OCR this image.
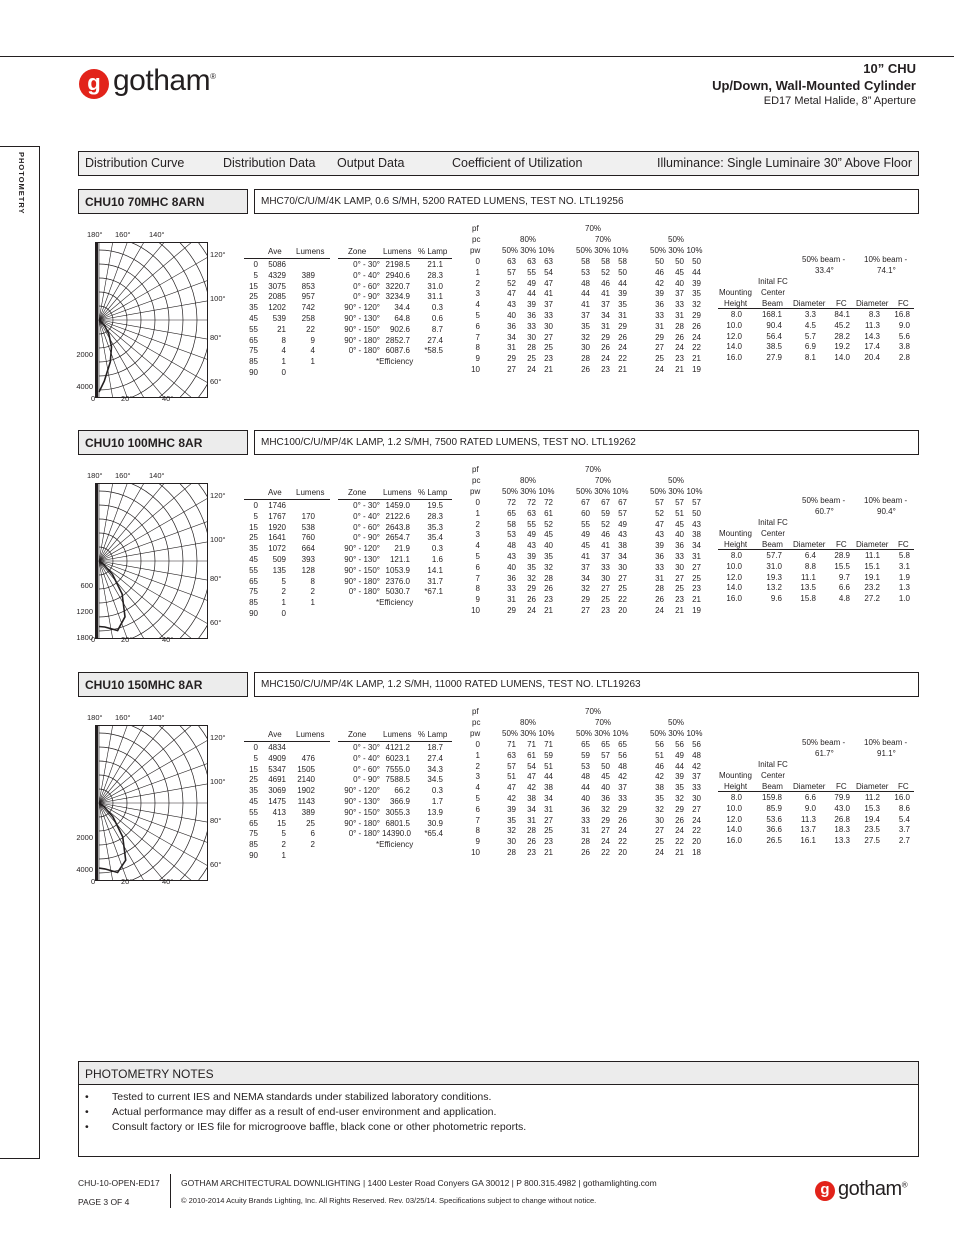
g gotham®
10” CHU
Up/Down, Wall-Mounted Cylinder
ED17 Metal Halide, 8” Aperture
PHOTOMETRY	Distribution Curve	Distribution Data Output Data	Coefficient of Utilization	Illuminance: Single Luminaire 30” Above Floor
CHU10 70MHC 8ARN	MHC70/C/U/M/4K LAMP, 0.6 S/MH, 5200 RATED LUMENS, TEST NO. LTL19256
180° 160° 140°
120°
100°
80°
60°
0°	20°	40°
2000
4000
Ave Lumens
0	5086
5	4329	389
15	3075	853
25	2085	957
35	1202	742
45	539	258
55	21	22
65	8	9
75	4	4
85	1	1
90	0
Zone Lumens % Lamp
0° - 30° 2198.5	21.1
0° - 40° 2940.6	28.3
0° - 60° 3220.7	31.0
0° - 90° 3234.9	31.1
90° - 120°	34.4	0.3
90° - 130°	64.8	0.6
90° - 150°	902.6	8.7
90° - 180° 2852.7	27.4
0° - 180° 6087.6	*58.5
*Efficiency
pf
pc
pw
70%
80%	70%	50%
50% 30% 10%	50% 30% 10%	50% 30% 10%
0	63	63	63	58	58	58	50	50	50
1	57	55	54	53	52	50	46	45	44
2	52	49	47	48	46	44	42	40	39
3	47	44	41	44	41	39	39	37	35
4	43	39	37	41	37	35	36	33	32
5	40	36	33	37	34	31	33	31	29
6	36	33	30	35	31	29	31	28	26
7	34	30	27	32	29	26	29	26	24
8	31	28	25	30	26	24	27	24	22
9	29	25	23	28	24	22	25	23	21
10	27	24	21	26	23	21	24	21	19
50% beam -
33.4°
10% beam -
74.1°
Inital FC
Mounting Center
Height Beam Diameter FC Diameter FC
8.0 168.1	3.3	84.1	8.3	16.8
10.0	90.4	4.5	45.2	11.3	9.0
12.0	56.4	5.7	28.2	14.3	5.6
14.0	38.5	6.9	19.2	17.4	3.8
16.0	27.9	8.1	14.0	20.4	2.8
CHU10 100MHC 8AR	MHC100/C/U/MP/4K LAMP, 1.2 S/MH, 7500 RATED LUMENS, TEST NO. LTL19262
180° 160° 140°
120°
100°
80°
60°
0°	20°	40°
600
1200
1800
Ave Lumens
0	1746
5	1767	170
15	1920	538
25	1641	760
35	1072	664
45	509	393
55	135	128
65	5	8
75	2	2
85	1	1
90	0
Zone Lumens % Lamp
0° - 30° 1459.0	19.5
0° - 40° 2122.6	28.3
0° - 60° 2643.8	35.3
0° - 90° 2654.7	35.4
90° - 120°	21.9	0.3
90° - 130°	121.1	1.6
90° - 150° 1053.9	14.1
90° - 180° 2376.0	31.7
0° - 180° 5030.7	*67.1
*Efficiency
pf
pc
pw
70%
80%	70%	50%
50% 30% 10%	50% 30% 10%	50% 30% 10%
0	72	72	72	67	67	67	57	57	57
1	65	63	61	60	59	57	52	51	50
2	58	55	52	55	52	49	47	45	43
3	53	49	45	49	46	43	43	40	38
4	48	43	40	45	41	38	39	36	34
5	43	39	35	41	37	34	36	33	31
6	40	35	32	37	33	30	33	30	27
7	36	32	28	34	30	27	31	27	25
8	33	29	26	32	27	25	28	25	23
9	31	26	23	29	25	22	26	23	21
10	29	24	21	27	23	20	24	21	19
50% beam -
60.7°
10% beam -
90.4°
Inital FC
Mounting Center
Height Beam Diameter FC Diameter FC
8.0	57.7	6.4	28.9	11.1	5.8
10.0	31.0	8.8	15.5	15.1	3.1
12.0	19.3	11.1	9.7	19.1	1.9
14.0	13.2	13.5	6.6	23.2	1.3
16.0	9.6	15.8	4.8	27.2	1.0
CHU10 150MHC 8AR	MHC150/C/U/MP/4K LAMP, 1.2 S/MH, 11000 RATED LUMENS, TEST NO. LTL19263
180° 160° 140°
120°
100°
80°
60°
0°	20°	40°
2000
4000
Ave Lumens
0	4834
5	4909	476
15	5347	1505
25	4691	2140
35	3069	1902
45	1475	1143
55	413	389
65	15	25
75	5	6
85	2	2
90	1
Zone Lumens % Lamp
0° - 30° 4121.2	18.7
0° - 40° 6023.1	27.4
0° - 60° 7555.0	34.3
0° - 90° 7588.5	34.5
90° - 120°	66.2	0.3
90° - 130°	366.9	1.7
90° - 150° 3055.3	13.9
90° - 180° 6801.5	30.9
0° - 180° 14390.0	*65.4
*Efficiency
pf
pc
pw
70%
80%	70%	50%
50% 30% 10%	50% 30% 10%	50% 30% 10%
0	71	71	71	65	65	65	56	56	56
1	63	61	59	59	57	56	51	49	48
2	57	54	51	53	50	48	46	44	42
3	51	47	44	48	45	42	42	39	37
4	47	42	38	44	40	37	38	35	33
5	42	38	34	40	36	33	35	32	30
6	39	34	31	36	32	29	32	29	27
7	35	31	27	33	29	26	30	26	24
8	32	28	25	31	27	24	27	24	22
9	30	26	23	28	24	22	25	22	20
10	28	23	21	26	22	20	24	21	18
50% beam -
61.7°
10% beam -
91.1°
Inital FC
Mounting Center
Height Beam Diameter FC Diameter FC
8.0 159.8	6.6	79.9	11.2	16.0
10.0	85.9	9.0	43.0	15.3	8.6
12.0	53.6	11.3	26.8	19.4	5.4
14.0	36.6	13.7	18.3	23.5	3.7
16.0	26.5	16.1	13.3	27.5	2.7
PHOTOMETRY NOTES
• Tested to current IES and NEMA standards under stabilized laboratory conditions.
• Actual performance may differ as a result of end-user environment and application.
• Consult factory or IES file for microgroove baffle, black cone or other photometric reports.
CHU-10-OPEN-ED17
PAGE 3 OF 4
GOTHAM ARCHITECTURAL DOWNLIGHTING | 1400 Lester Road Conyers GA 30012 | P 800.315.4982 | gothamlighting.com
© 2010-2014 Acuity Brands Lighting, Inc. All Rights Reserved. Rev. 03/25/14. Specifications subject to change without notice.
g gotham®
